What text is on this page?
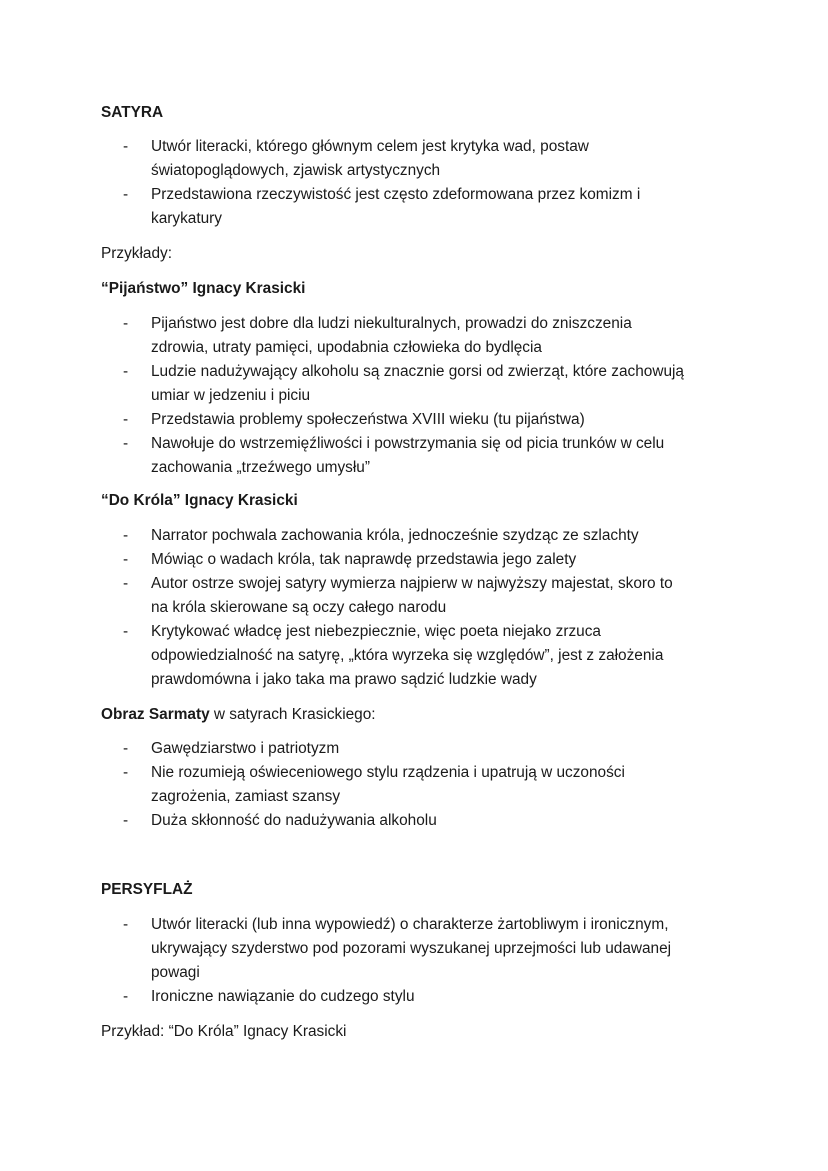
SATYRA
- Utwór literacki, którego głównym celem jest krytyka wad, postaw
światopoglądowych, zjawisk artystycznych
- Przedstawiona rzeczywistość jest często zdeformowana przez komizm i
karykatury
Przykłady:
“Pijaństwo” Ignacy Krasicki
- Pijaństwo jest dobre dla ludzi niekulturalnych, prowadzi do zniszczenia
zdrowia, utraty pamięci, upodabnia człowieka do bydlęcia
- Ludzie nadużywający alkoholu są znacznie gorsi od zwierząt, które zachowują
umiar w jedzeniu i piciu
- Przedstawia problemy społeczeństwa XVIII wieku (tu pijaństwa)
- Nawołuje do wstrzemięźliwości i powstrzymania się od picia trunków w celu
zachowania „trzeźwego umysłu”
“Do Króla” Ignacy Krasicki
- Narrator pochwala zachowania króla, jednocześnie szydząc ze szlachty
- Mówiąc o wadach króla, tak naprawdę przedstawia jego zalety
- Autor ostrze swojej satyry wymierza najpierw w najwyższy majestat, skoro to
na króla skierowane są oczy całego narodu
- Krytykować władcę jest niebezpiecznie, więc poeta niejako zrzuca
odpowiedzialność na satyrę, „która wyrzeka się względów”, jest z założenia
prawdomówna i jako taka ma prawo sądzić ludzkie wady
Obraz Sarmaty w satyrach Krasickiego:
- Gawędziarstwo i patriotyzm
- Nie rozumieją oświeceniowego stylu rządzenia i upatrują w uczoności
zagrożenia, zamiast szansy
- Duża skłonność do nadużywania alkoholu
PERSYFLAŻ
- Utwór literacki (lub inna wypowiedź) o charakterze żartobliwym i ironicznym,
ukrywający szyderstwo pod pozorami wyszukanej uprzejmości lub udawanej
powagi
- Ironiczne nawiązanie do cudzego stylu
Przykład: “Do Króla” Ignacy Krasicki
